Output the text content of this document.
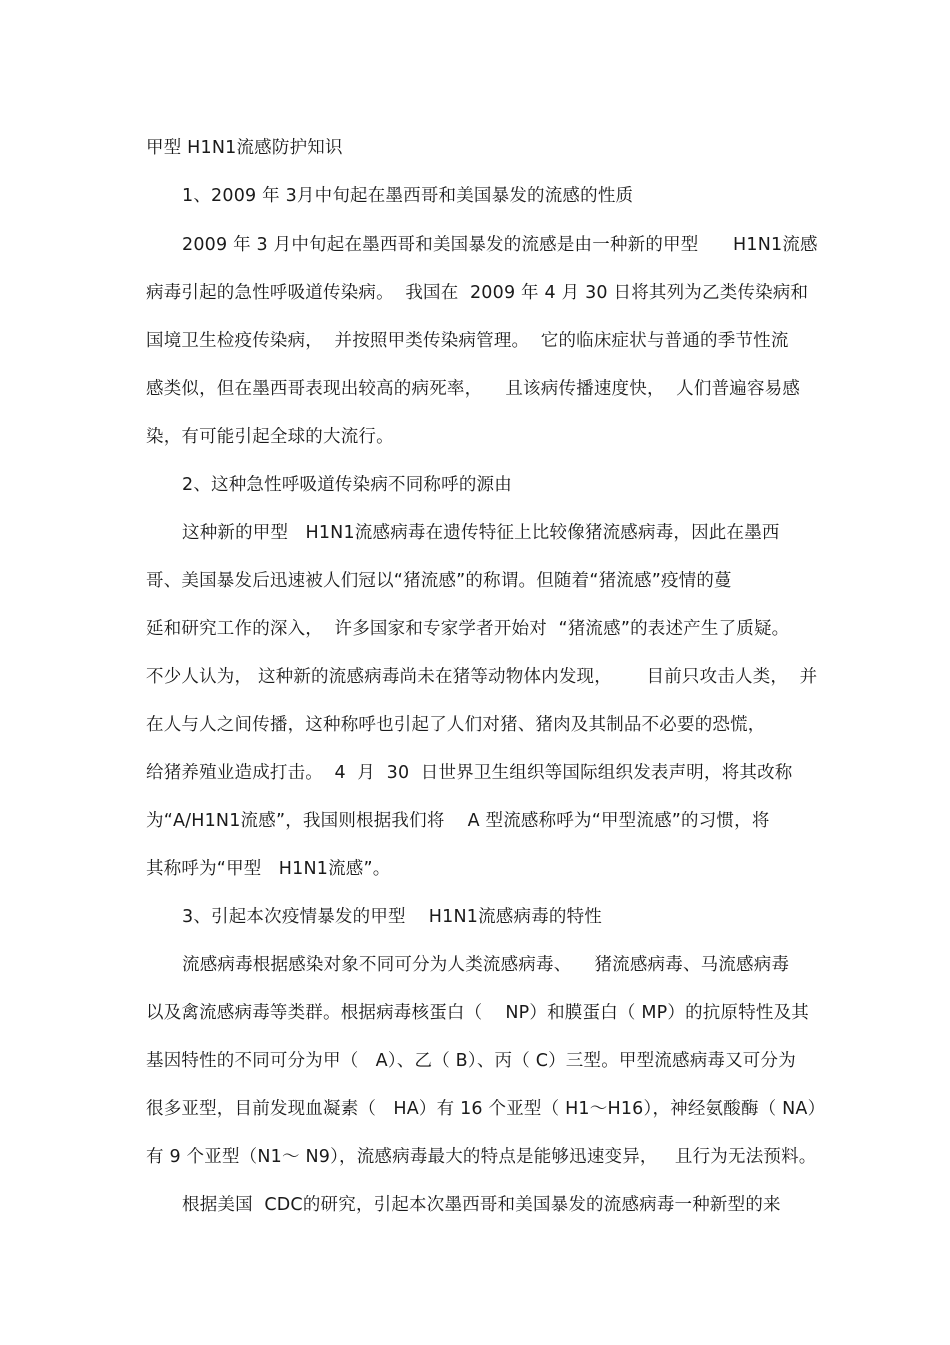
甲型 H1N1流感防护知识
1、2009 年 3月中旬起在墨西哥和美国暴发的流感的性质
2009 年 3 月中旬起在墨西哥和美国暴发的流感是由一种新的甲型      H1N1流感
病毒引起的急性呼吸道传染病。  我国在  2009 年 4 月 30 日将其列为乙类传染病和
国境卫生检疫传染病，  并按照甲类传染病管理。  它的临床症状与普通的季节性流
感类似，但在墨西哥表现出较高的病死率，    且该病传播速度快，  人们普遍容易感
染，有可能引起全球的大流行。
2、这种急性呼吸道传染病不同称呼的源由
这种新的甲型   H1N1流感病毒在遗传特征上比较像猪流感病毒，因此在墨西
哥、美国暴发后迅速被人们冠以“猪流感”的称谓。但随着“猪流感”疫情的蔓
延和研究工作的深入，  许多国家和专家学者开始对  “猪流感”的表述产生了质疑。
不少人认为， 这种新的流感病毒尚未在猪等动物体内发现，      目前只攻击人类，  并
在人与人之间传播，这种称呼也引起了人们对猪、猪肉及其制品不必要的恐慌，
给猪养殖业造成打击。  4  月  30  日世界卫生组织等国际组织发表声明，将其改称
为“A/H1N1流感”，我国则根据我们将    A 型流感称呼为“甲型流感”的习惯，将
其称呼为“甲型   H1N1流感”。
3、引起本次疫情暴发的甲型    H1N1流感病毒的特性
流感病毒根据感染对象不同可分为人类流感病毒、    猪流感病毒、马流感病毒
以及禽流感病毒等类群。根据病毒核蛋白（    NP）和膜蛋白（ MP）的抗原特性及其
基因特性的不同可分为甲（   A）、乙（ B）、丙（ C）三型。甲型流感病毒又可分为
很多亚型，目前发现血凝素（   HA）有 16 个亚型（ H1～H16），神经氨酸酶（ NA）
有 9 个亚型（N1～ N9），流感病毒最大的特点是能够迅速变异，   且行为无法预料。
根据美国  CDC的研究，引起本次墨西哥和美国暴发的流感病毒一种新型的来
